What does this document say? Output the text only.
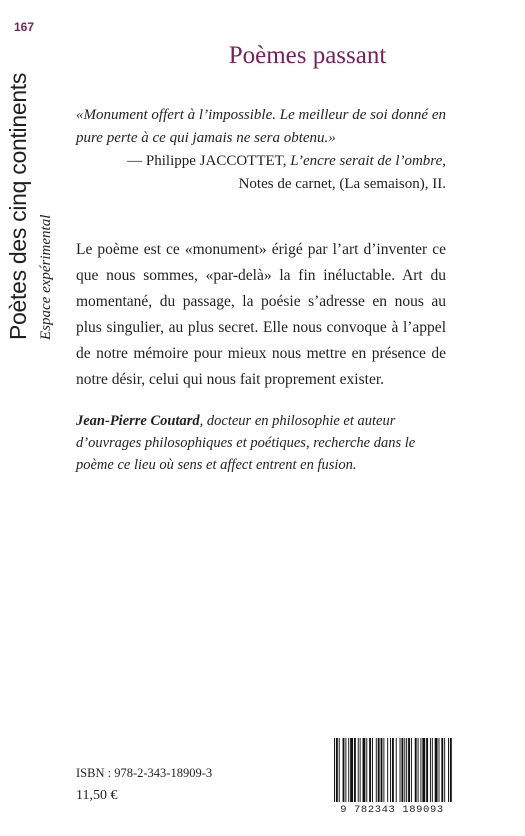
167
Poètes des cinq continents Espace expérimental
Poèmes passant
«Monument offert à l’impossible. Le meilleur de soi donné en pure perte à ce qui jamais ne sera obtenu.»
— Philippe JACCOTTET, L’encre serait de l’ombre,
Notes de carnet, (La semaison), II.

Le poème est ce «monument» érigé par l’art d’inventer ce que nous sommes, «par-delà» la fin inéluctable. Art du momentané, du passage, la poésie s’adresse en nous au plus singulier, au plus secret. Elle nous convoque à l’appel de notre mémoire pour mieux nous mettre en présence de notre désir, celui qui nous fait proprement exister.

Jean-Pierre Coutard, docteur en philosophie et auteur d’ouvrages philosophiques et poétiques, recherche dans le poème ce lieu où sens et affect entrent en fusion.

ISBN : 978-2-343-18909-3
11,50 €
9 782343 189093
